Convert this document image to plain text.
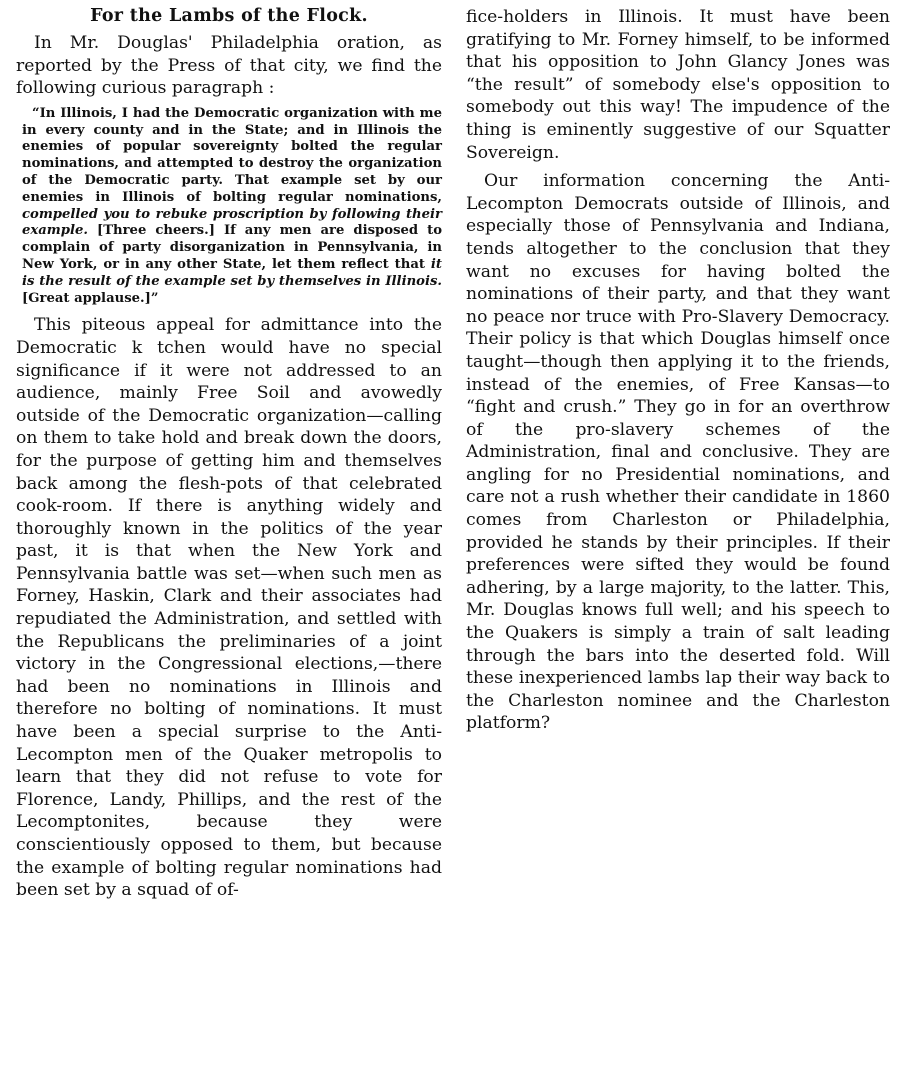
For the Lambs of the Flock.

In Mr. Douglas' Philadelphia oration, as reported by the Press of that city, we find the following curious paragraph :

“In Illinois, I had the Democratic organization with me in every county and in the State; and in Illinois the enemies of popular sovereignty bolted the regular nominations, and attempted to destroy the organization of the Democratic party. That example set by our enemies in Illinois of bolting regular nominations, compelled you to rebuke proscription by following their example. [Three cheers.] If any men are disposed to complain of party disorganization in Pennsylvania, in New York, or in any other State, let them reflect that it is the result of the example set by themselves in Illinois. [Great applause.]”

This piteous appeal for admittance into the Democratic k tchen would have no special significance if it were not addressed to an audience, mainly Free Soil and avowedly outside of the Democratic organization—calling on them to take hold and break down the doors, for the purpose of getting him and themselves back among the flesh-pots of that celebrated cook-room. If there is anything widely and thoroughly known in the politics of the year past, it is that when the New York and Pennsylvania battle was set—when such men as Forney, Haskin, Clark and their associates had repudiated the Administration, and settled with the Republicans the preliminaries of a joint victory in the Congressional elections,—there had been no nominations in Illinois and therefore no bolting of nominations. It must have been a special surprise to the Anti-Lecompton men of the Quaker metropolis to learn that they did not refuse to vote for Florence, Landy, Phillips, and the rest of the Lecomptonites, because they were conscientiously opposed to them, but because the example of bolting regular nominations had been set by a squad of of-

fice-holders in Illinois. It must have been gratifying to Mr. Forney himself, to be informed that his opposition to John Glancy Jones was “the result” of somebody else's opposition to somebody out this way! The impudence of the thing is eminently suggestive of our Squatter Sovereign.

Our information concerning the Anti-Lecompton Democrats outside of Illinois, and especially those of Pennsylvania and Indiana, tends altogether to the conclusion that they want no excuses for having bolted the nominations of their party, and that they want no peace nor truce with Pro-Slavery Democracy. Their policy is that which Douglas himself once taught—though then applying it to the friends, instead of the enemies, of Free Kansas—to “fight and crush.” They go in for an overthrow of the pro-slavery schemes of the Administration, final and conclusive. They are angling for no Presidential nominations, and care not a rush whether their candidate in 1860 comes from Charleston or Philadelphia, provided he stands by their principles. If their preferences were sifted they would be found adhering, by a large majority, to the latter. This, Mr. Douglas knows full well; and his speech to the Quakers is simply a train of salt leading through the bars into the deserted fold. Will these inexperienced lambs lap their way back to the Charleston nominee and the Charleston platform?
